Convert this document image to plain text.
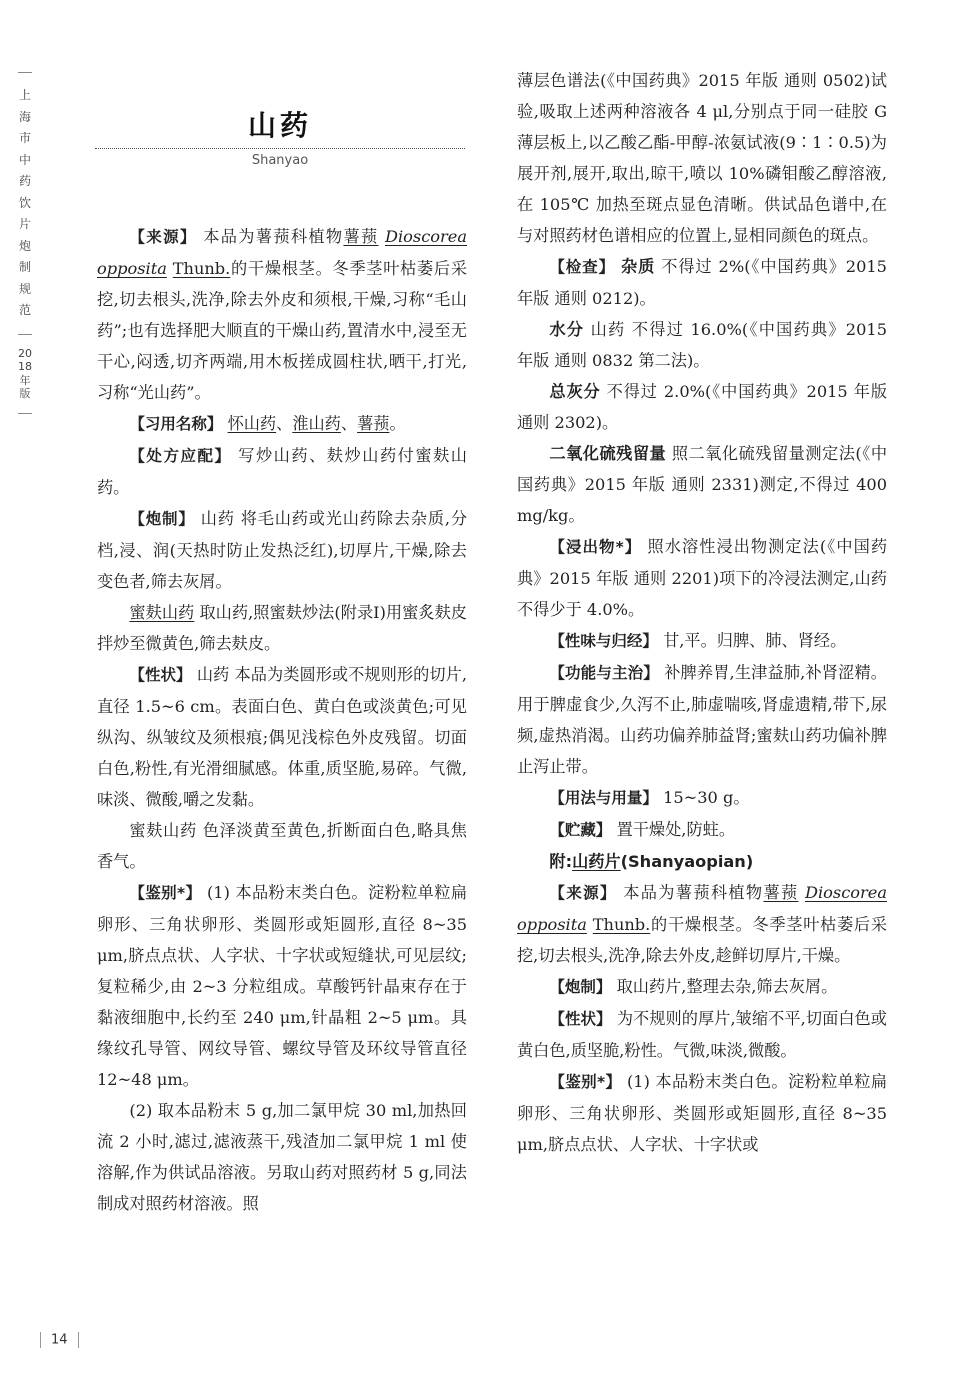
上海市中药饮片炮制规范
2018年版
山药
Shanyao

【来源】 本品为薯蓣科植物薯蓣 Dioscorea opposita Thunb.的干燥根茎。冬季茎叶枯萎后采挖,切去根头,洗净,除去外皮和须根,干燥,习称“毛山药”;也有选择肥大顺直的干燥山药,置清水中,浸至无干心,闷透,切齐两端,用木板搓成圆柱状,晒干,打光,习称“光山药”。

【习用名称】 怀山药、淮山药、薯蓣。

【处方应配】 写炒山药、麸炒山药付蜜麸山药。

【炮制】 山药 将毛山药或光山药除去杂质,分档,浸、润(天热时防止发热泛红),切厚片,干燥,除去变色者,筛去灰屑。

蜜麸山药 取山药,照蜜麸炒法(附录Ⅰ)用蜜炙麸皮拌炒至微黄色,筛去麸皮。

【性状】 山药 本品为类圆形或不规则形的切片,直径 1.5~6 cm。表面白色、黄白色或淡黄色;可见纵沟、纵皱纹及须根痕;偶见浅棕色外皮残留。切面白色,粉性,有光滑细腻感。体重,质坚脆,易碎。气微,味淡、微酸,嚼之发黏。

蜜麸山药 色泽淡黄至黄色,折断面白色,略具焦香气。

【鉴别*】 (1) 本品粉末类白色。淀粉粒单粒扁卵形、三角状卵形、类圆形或矩圆形,直径 8~35 μm,脐点点状、人字状、十字状或短缝状,可见层纹;复粒稀少,由 2~3 分粒组成。草酸钙针晶束存在于黏液细胞中,长约至 240 μm,针晶粗 2~5 μm。具缘纹孔导管、网纹导管、螺纹导管及环纹导管直径 12~48 μm。

(2) 取本品粉末 5 g,加二氯甲烷 30 ml,加热回流 2 小时,滤过,滤液蒸干,残渣加二氯甲烷 1 ml 使溶解,作为供试品溶液。另取山药对照药材 5 g,同法制成对照药材溶液。照

薄层色谱法(《中国药典》2015 年版 通则 0502)试验,吸取上述两种溶液各 4 μl,分别点于同一硅胶 G 薄层板上,以乙酸乙酯-甲醇-浓氨试液(9∶1∶0.5)为展开剂,展开,取出,晾干,喷以 10%磷钼酸乙醇溶液,在 105℃ 加热至斑点显色清晰。供试品色谱中,在与对照药材色谱相应的位置上,显相同颜色的斑点。

【检查】 杂质 不得过 2%(《中国药典》2015 年版 通则 0212)。

水分 山药 不得过 16.0%(《中国药典》2015 年版 通则 0832 第二法)。

总灰分 不得过 2.0%(《中国药典》2015 年版 通则 2302)。

二氧化硫残留量 照二氧化硫残留量测定法(《中国药典》2015 年版 通则 2331)测定,不得过 400 mg/kg。

【浸出物*】 照水溶性浸出物测定法(《中国药典》2015 年版 通则 2201)项下的冷浸法测定,山药 不得少于 4.0%。

【性味与归经】 甘,平。归脾、肺、肾经。

【功能与主治】 补脾养胃,生津益肺,补肾涩精。用于脾虚食少,久泻不止,肺虚喘咳,肾虚遗精,带下,尿频,虚热消渴。山药功偏养肺益肾;蜜麸山药功偏补脾止泻止带。

【用法与用量】 15~30 g。

【贮藏】 置干燥处,防蛀。

附:山药片(Shanyaopian)

【来源】 本品为薯蓣科植物薯蓣 Dioscorea opposita Thunb.的干燥根茎。冬季茎叶枯萎后采挖,切去根头,洗净,除去外皮,趁鲜切厚片,干燥。

【炮制】 取山药片,整理去杂,筛去灰屑。

【性状】 为不规则的厚片,皱缩不平,切面白色或黄白色,质坚脆,粉性。气微,味淡,微酸。

【鉴别*】 (1) 本品粉末类白色。淀粉粒单粒扁卵形、三角状卵形、类圆形或矩圆形,直径 8~35 μm,脐点点状、人字状、十字状或

14
